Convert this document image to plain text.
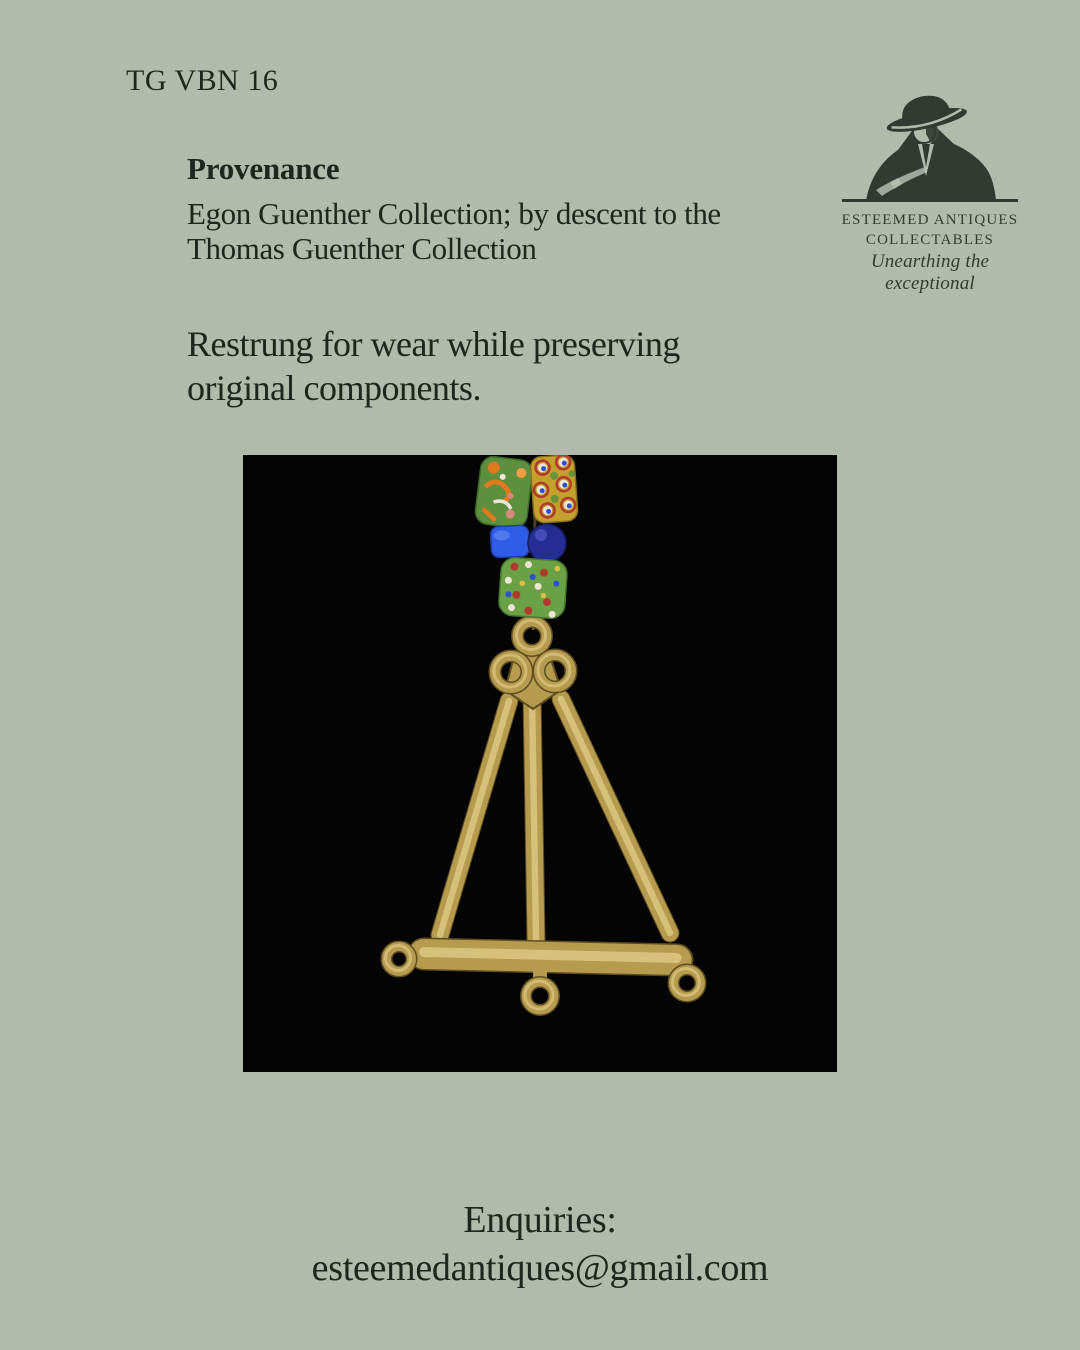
TG VBN 16
ESTEEMED ANTIQUES
COLLECTABLES
Unearthing the exceptional
Provenance
Egon Guenther Collection; by descent to the
Thomas Guenther Collection
Restrung for wear while preserving
original components.
Enquiries:
esteemedantiques@gmail.com
